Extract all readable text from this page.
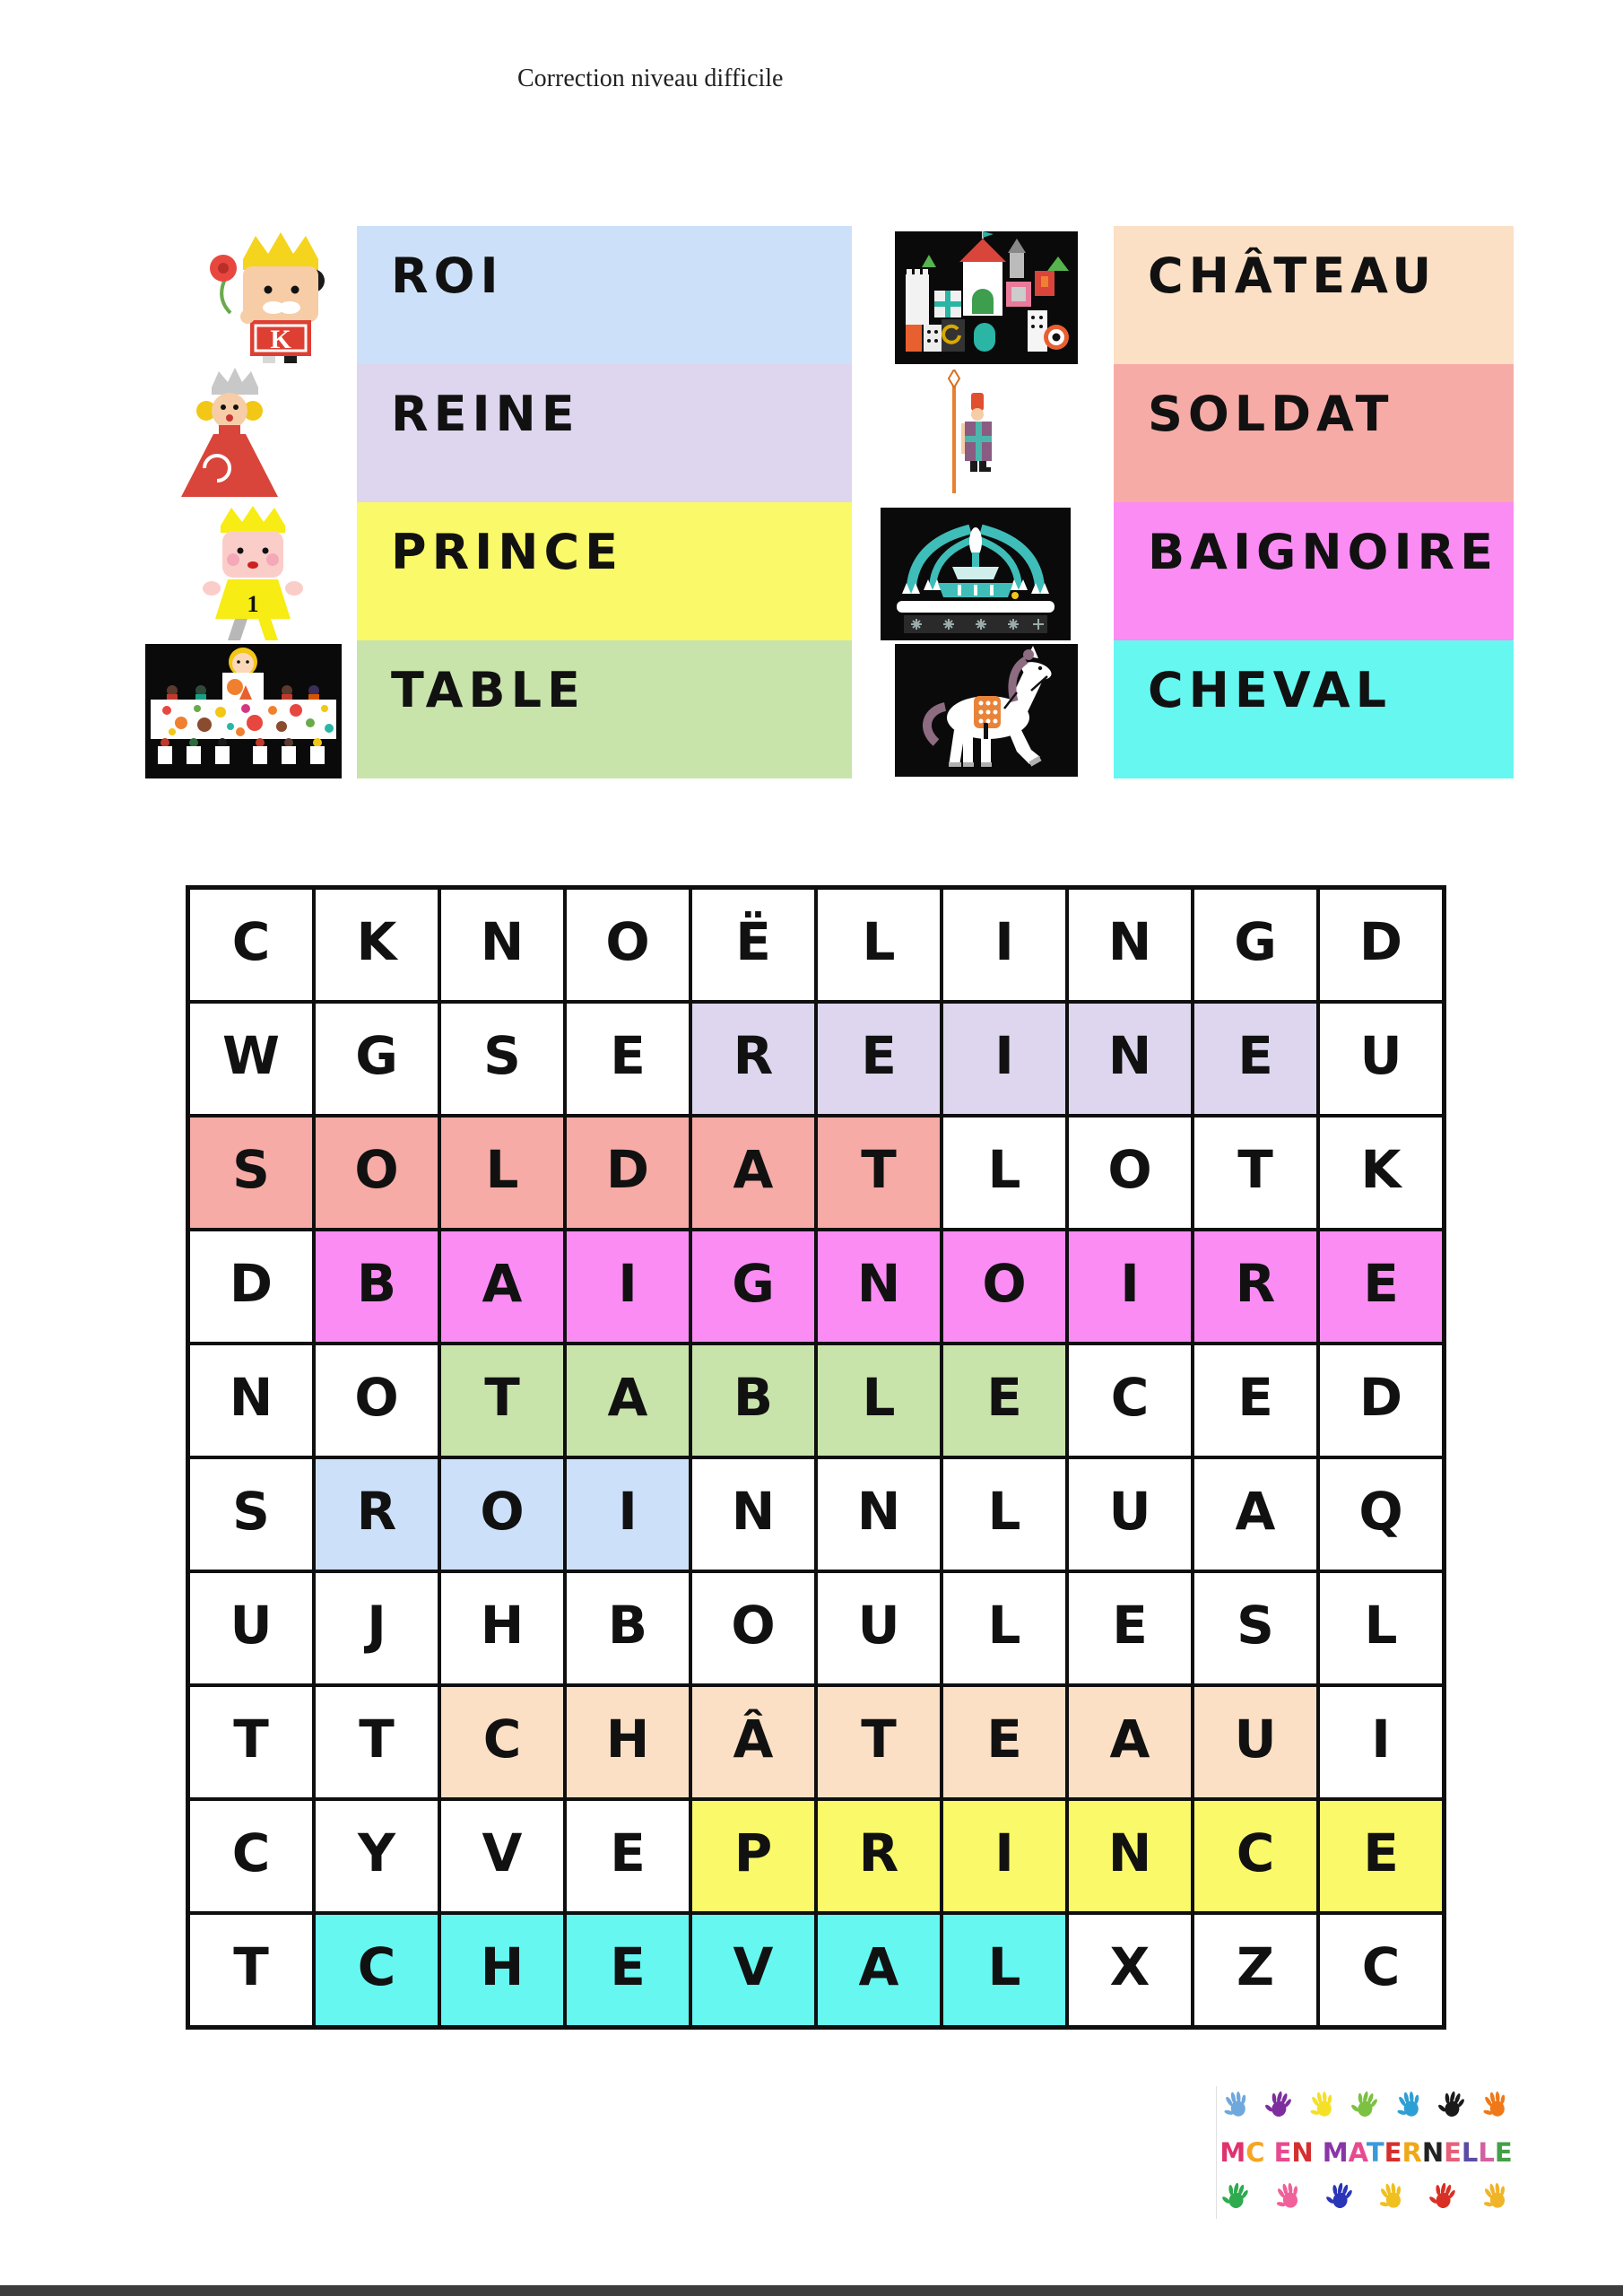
Correction niveau difficile
K
1
ROI
REINE
PRINCE
TABLE
CHÂTEAU
SOLDAT
BAIGNOIRE
CHEVAL
C	K	N	O	Ë	L	I	N	G	D
W	G	S	E	R	E	I	N	E	U
S	O	L	D	A	T	L	O	T	K
D	B	A	I	G	N	O	I	R	E
N	O	T	A	B	L	E	C	E	D
S	R	O	I	N	N	L	U	A	Q
U	J	H	B	O	U	L	E	S	L
T	T	C	H	Â	T	E	A	U	I
C	Y	V	E	P	R	I	N	C	E
T	C	H	E	V	A	L	X	Z	C
MC EN MATERNELLE
